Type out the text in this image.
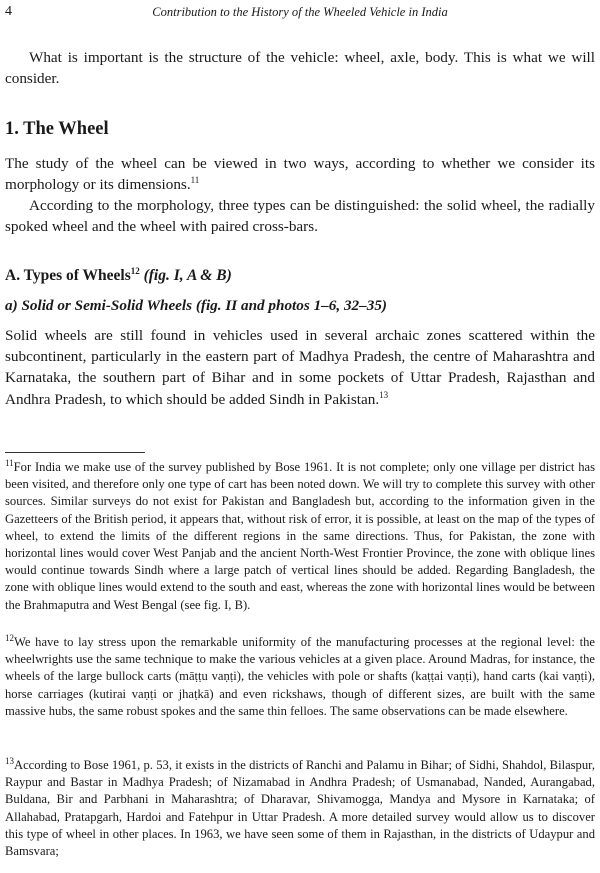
4	Contribution to the History of the Wheeled Vehicle in India

What is important is the structure of the vehicle: wheel, axle, body. This is what we will consider.

1. The Wheel

The study of the wheel can be viewed in two ways, according to whether we consider its morphology or its dimensions.$^{11}$

According to the morphology, three types can be distinguished: the solid wheel, the radially spoked wheel and the wheel with paired cross-bars.

A. Types of Wheels$^{12}$ (fig. I, A & B)
a) Solid or Semi-Solid Wheels (fig. II and photos 1–6, 32–35)

Solid wheels are still found in vehicles used in several archaic zones scattered within the subcontinent, particularly in the eastern part of Madhya Pradesh, the centre of Maharashtra and Karnataka, the southern part of Bihar and in some pockets of Uttar Pradesh, Rajasthan and Andhra Pradesh, to which should be added Sindh in Pakistan.$^{13}$

$^{11}$For India we make use of the survey published by Bose 1961. It is not complete; only one village per district has been visited, and therefore only one type of cart has been noted down. We will try to complete this survey with other sources. Similar surveys do not exist for Pakistan and Bangladesh but, according to the information given in the Gazetteers of the British period, it appears that, without risk of error, it is possible, at least on the map of the types of wheel, to extend the limits of the different regions in the same directions. Thus, for Pakistan, the zone with horizontal lines would cover West Panjab and the ancient North-West Frontier Province, the zone with oblique lines would continue towards Sindh where a large patch of vertical lines should be added. Regarding Bangladesh, the zone with oblique lines would extend to the south and east, whereas the zone with horizontal lines would be between the Brahmaputra and West Bengal (see fig. I, B).

$^{12}$We have to lay stress upon the remarkable uniformity of the manufacturing processes at the regional level: the wheelwrights use the same technique to make the various vehicles at a given place. Around Madras, for instance, the wheels of the large bullock carts (māṭṭu vaṇṭi), the vehicles with pole or shafts (kaṭṭai vaṇṭi), hand carts (kai vaṇṭi), horse carriages (kutirai vaṇṭi or jhaṭkā) and even rickshaws, though of different sizes, are built with the same massive hubs, the same robust spokes and the same thin felloes. The same observations can be made elsewhere.

$^{13}$According to Bose 1961, p. 53, it exists in the districts of Ranchi and Palamu in Bihar; of Sidhi, Shahdol, Bilaspur, Raypur and Bastar in Madhya Pradesh; of Nizamabad in Andhra Pradesh; of Usmanabad, Nanded, Aurangabad, Buldana, Bir and Parbhani in Maharashtra; of Dharavar, Shivamogga, Mandya and Mysore in Karnataka; of Allahabad, Pratapgarh, Hardoi and Fatehpur in Uttar Pradesh. A more detailed survey would allow us to discover this type of wheel in other places. In 1963, we have seen some of them in Rajasthan, in the districts of Udaypur and Bamsvara;
